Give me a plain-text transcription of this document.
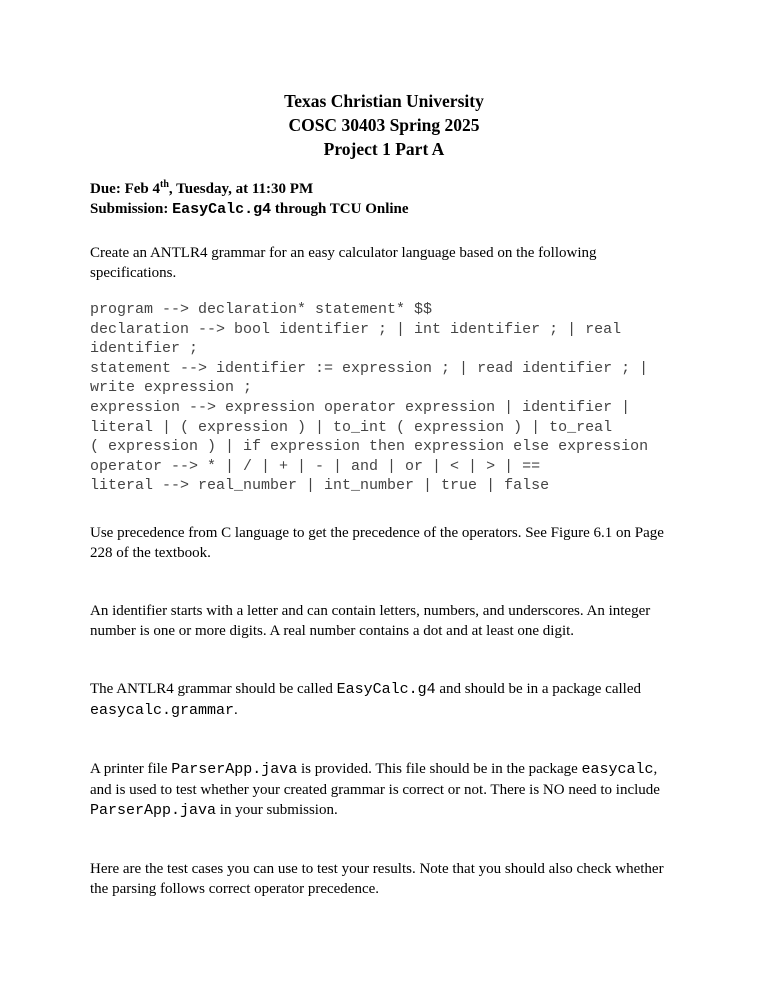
Texas Christian University
COSC 30403 Spring 2025
Project 1 Part A
Due: Feb 4th, Tuesday, at 11:30 PM
Submission: EasyCalc.g4 through TCU Online
Create an ANTLR4 grammar for an easy calculator language based on the following specifications.
program --> declaration* statement* $$
declaration --> bool identifier ; | int identifier ; | real
identifier ;
statement --> identifier := expression ; | read identifier ; |
write expression ;
expression --> expression operator expression | identifier |
literal | ( expression ) | to_int ( expression ) | to_real
( expression ) | if expression then expression else expression
operator --> * | / | + | - | and | or | < | > | ==
literal --> real_number | int_number | true | false
Use precedence from C language to get the precedence of the operators. See Figure 6.1 on Page 228 of the textbook.
An identifier starts with a letter and can contain letters, numbers, and underscores. An integer number is one or more digits. A real number contains a dot and at least one digit.
The ANTLR4 grammar should be called EasyCalc.g4 and should be in a package called
easycalc.grammar.
A printer file ParserApp.java is provided. This file should be in the package easycalc, and is used to test whether your created grammar is correct or not. There is NO need to include ParserApp.java in your submission.
Here are the test cases you can use to test your results. Note that you should also check whether the parsing follows correct operator precedence.
